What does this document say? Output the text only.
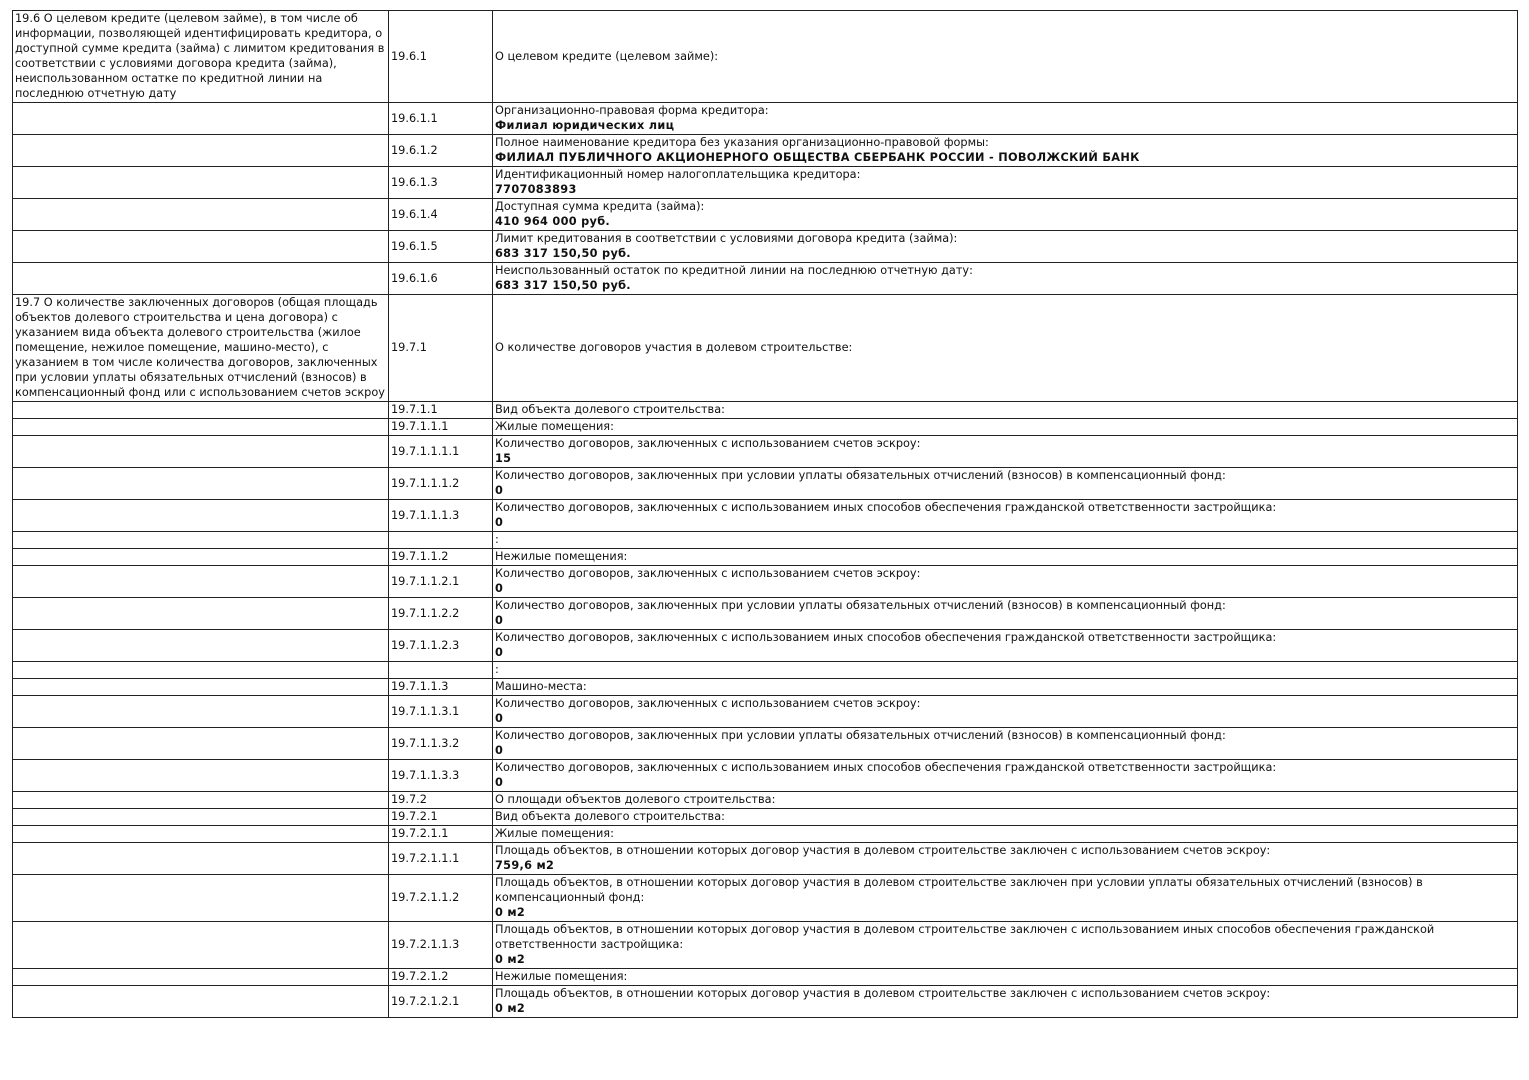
19.6 О целевом кредите (целевом займе), в том числе об информации, позволяющей идентифицировать кредитора, о доступной сумме кредита (займа) с лимитом кредитования в соответствии с условиями договора кредита (займа), неиспользованном остатке по кредитной линии на последнюю отчетную дату	19.6.1	О целевом кредите (целевом займе):

	19.6.1.1	Организационно-правовая форма кредитора:
Филиал юридических лиц

	19.6.1.2	Полное наименование кредитора без указания организационно-правовой формы:
ФИЛИАЛ ПУБЛИЧНОГО АКЦИОНЕРНОГО ОБЩЕСТВА СБЕРБАНК РОССИИ - ПОВОЛЖСКИЙ БАНК

	19.6.1.3	Идентификационный номер налогоплательщика кредитора:
7707083893

	19.6.1.4	Доступная сумма кредита (займа):
410 964 000 руб.

	19.6.1.5	Лимит кредитования в соответствии с условиями договора кредита (займа):
683 317 150,50 руб.

	19.6.1.6	Неиспользованный остаток по кредитной линии на последнюю отчетную дату:
683 317 150,50 руб.

19.7 О количестве заключенных договоров (общая площадь объектов долевого строительства и цена договора) с указанием вида объекта долевого строительства (жилое помещение, нежилое помещение, машино-место), с указанием в том числе количества договоров, заключенных при условии уплаты обязательных отчислений (взносов) в компенсационный фонд или с использованием счетов эскроу	19.7.1	О количестве договоров участия в долевом строительстве:

	19.7.1.1	Вид объекта долевого строительства:

	19.7.1.1.1	Жилые помещения:

	19.7.1.1.1.1	Количество договоров, заключенных с использованием счетов эскроу:
15

	19.7.1.1.1.2	Количество договоров, заключенных при условии уплаты обязательных отчислений (взносов) в компенсационный фонд:
0

	19.7.1.1.1.3	Количество договоров, заключенных с использованием иных способов обеспечения гражданской ответственности застройщика:
0

		:

	19.7.1.1.2	Нежилые помещения:

	19.7.1.1.2.1	Количество договоров, заключенных с использованием счетов эскроу:
0

	19.7.1.1.2.2	Количество договоров, заключенных при условии уплаты обязательных отчислений (взносов) в компенсационный фонд:
0

	19.7.1.1.2.3	Количество договоров, заключенных с использованием иных способов обеспечения гражданской ответственности застройщика:
0

		:

	19.7.1.1.3	Машино-места:

	19.7.1.1.3.1	Количество договоров, заключенных с использованием счетов эскроу:
0

	19.7.1.1.3.2	Количество договоров, заключенных при условии уплаты обязательных отчислений (взносов) в компенсационный фонд:
0

	19.7.1.1.3.3	Количество договоров, заключенных с использованием иных способов обеспечения гражданской ответственности застройщика:
0

	19.7.2	О площади объектов долевого строительства:

	19.7.2.1	Вид объекта долевого строительства:

	19.7.2.1.1	Жилые помещения:

	19.7.2.1.1.1	Площадь объектов, в отношении которых договор участия в долевом строительстве заключен с использованием счетов эскроу:
759,6 м2

	19.7.2.1.1.2	Площадь объектов, в отношении которых договор участия в долевом строительстве заключен при условии уплаты обязательных отчислений (взносов) в компенсационный фонд:
0 м2

	19.7.2.1.1.3	Площадь объектов, в отношении которых договор участия в долевом строительстве заключен с использованием иных способов обеспечения гражданской ответственности застройщика:
0 м2

	19.7.2.1.2	Нежилые помещения:

	19.7.2.1.2.1	Площадь объектов, в отношении которых договор участия в долевом строительстве заключен с использованием счетов эскроу:
0 м2
